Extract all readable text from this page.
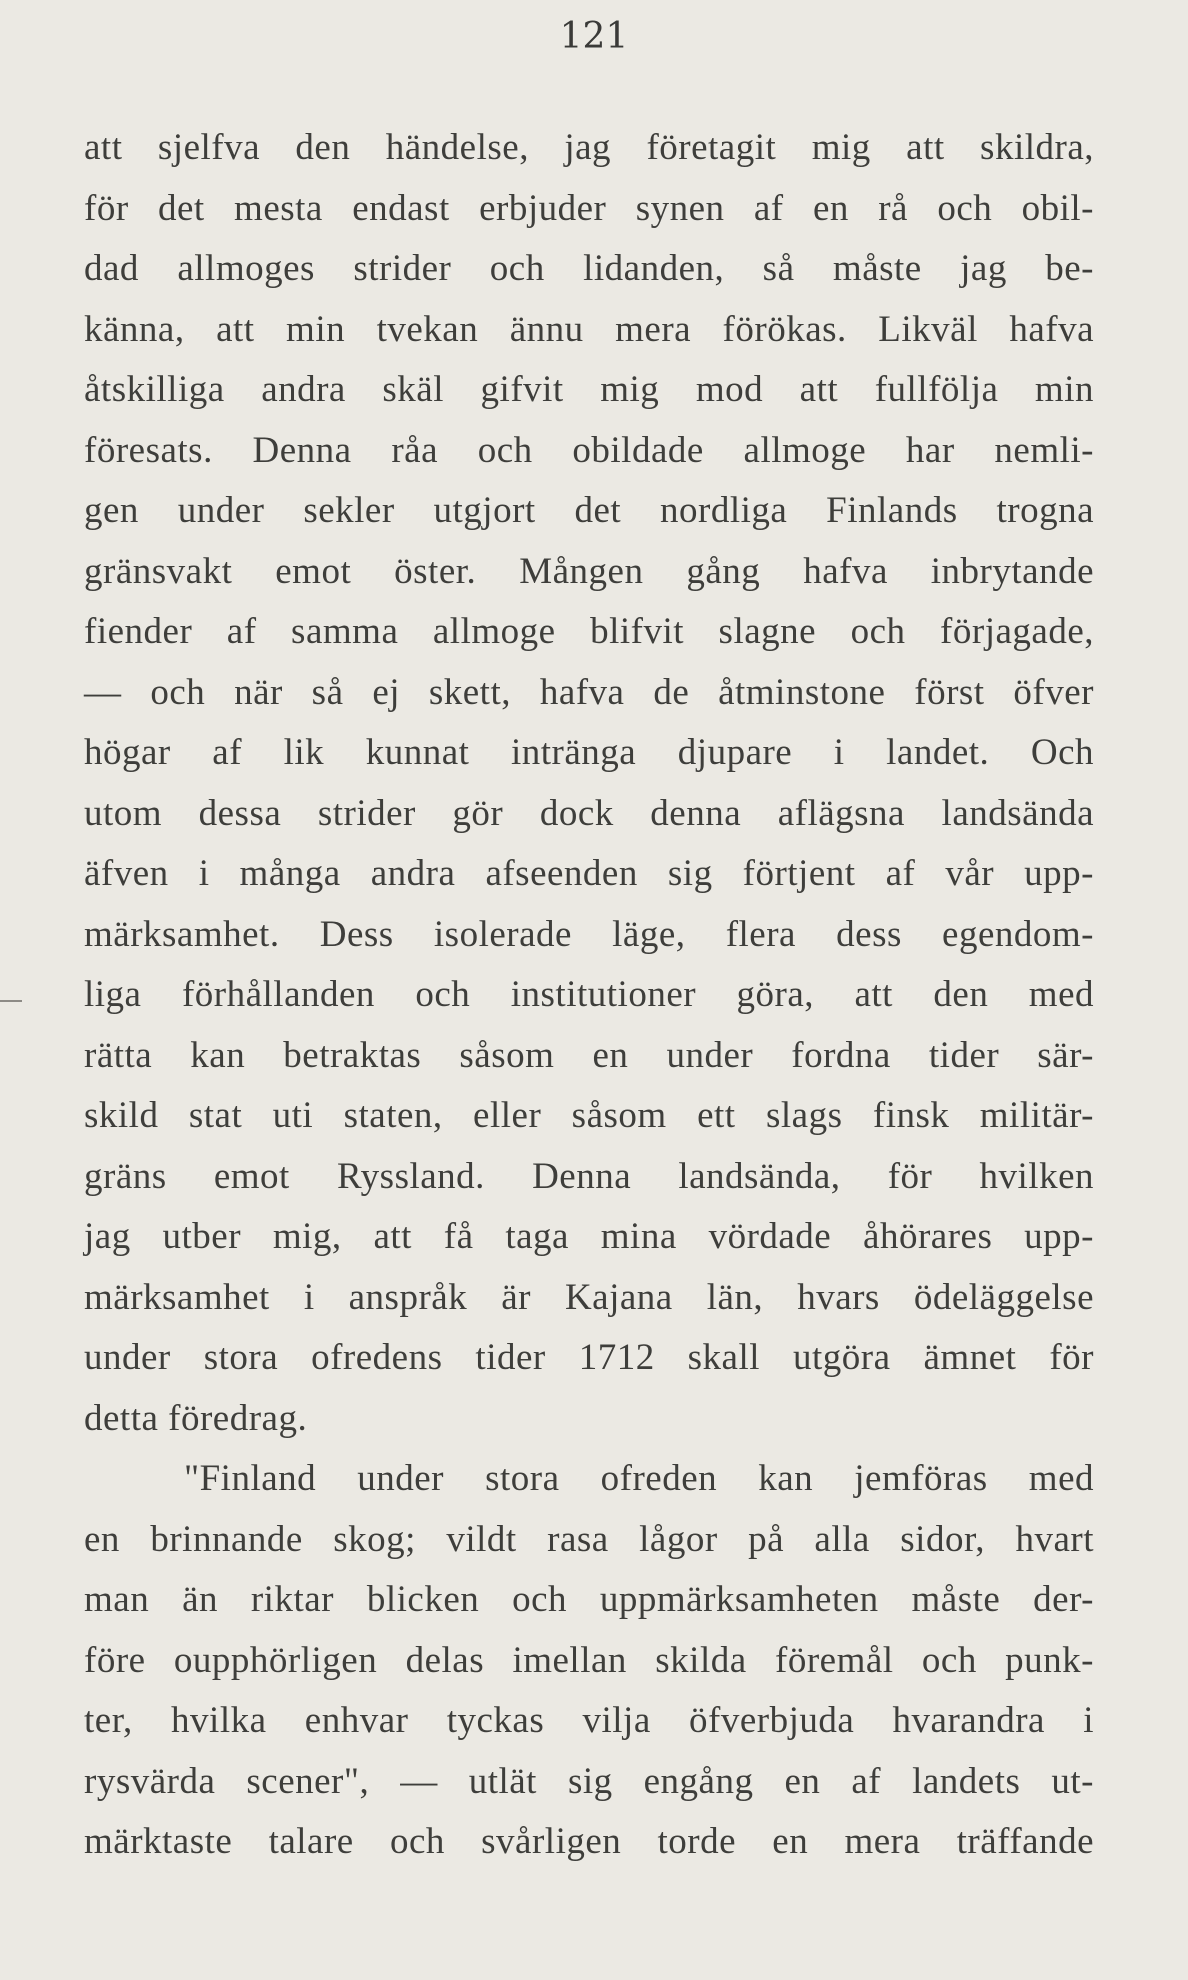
121
att sjelfva den händelse, jag företagit mig att skildra,
för det mesta endast erbjuder synen af en rå och obil-
dad allmoges strider och lidanden, så måste jag be-
känna, att min tvekan ännu mera förökas. Likväl hafva
åtskilliga andra skäl gifvit mig mod att fullfölja min
föresats. Denna råa och obildade allmoge har nemli-
gen under sekler utgjort det nordliga Finlands trogna
gränsvakt emot öster. Mången gång hafva inbrytande
fiender af samma allmoge blifvit slagne och förjagade,
— och när så ej skett, hafva de åtminstone först öfver
högar af lik kunnat intränga djupare i landet. Och
utom dessa strider gör dock denna aflägsna landsända
äfven i många andra afseenden sig förtjent af vår upp-
märksamhet. Dess isolerade läge, flera dess egendom-
liga förhållanden och institutioner göra, att den med
rätta kan betraktas såsom en under fordna tider sär-
skild stat uti staten, eller såsom ett slags finsk militär-
gräns emot Ryssland. Denna landsända, för hvilken
jag utber mig, att få taga mina vördade åhörares upp-
märksamhet i anspråk är Kajana län, hvars ödeläggelse
under stora ofredens tider 1712 skall utgöra ämnet för
detta föredrag.
"Finland under stora ofreden kan jemföras med
en brinnande skog; vildt rasa lågor på alla sidor, hvart
man än riktar blicken och uppmärksamheten måste der-
före oupphörligen delas imellan skilda föremål och punk-
ter, hvilka enhvar tyckas vilja öfverbjuda hvarandra i
rysvärda scener", — utlät sig engång en af landets ut-
märktaste talare och svårligen torde en mera träffande
